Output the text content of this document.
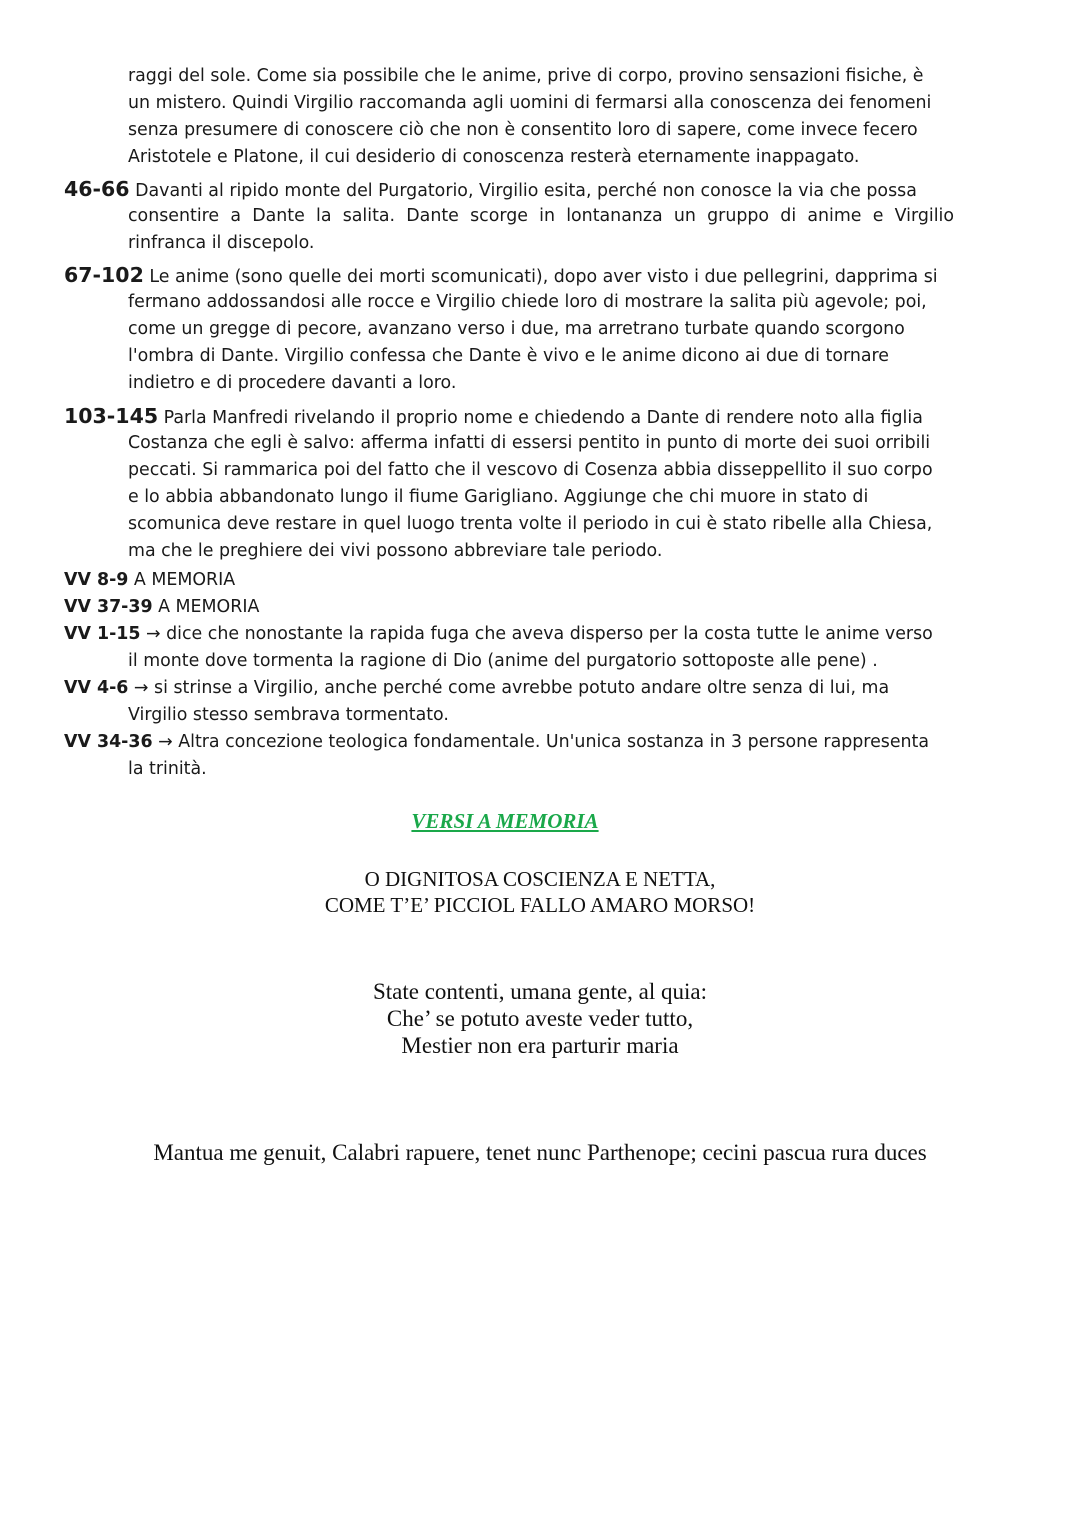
raggi del sole. Come sia possibile che le anime, prive di corpo, provino sensazioni fisiche, è
un mistero. Quindi Virgilio raccomanda agli uomini di fermarsi alla conoscenza dei fenomeni
senza presumere di conoscere ciò che non è consentito loro di sapere, come invece fecero
Aristotele e Platone, il cui desiderio di conoscenza resterà eternamente inappagato.
46-66 Davanti al ripido monte del Purgatorio, Virgilio esita, perché non conosce la via che possa
consentire a Dante la salita. Dante scorge in lontananza un gruppo di anime e Virgilio
rinfranca il discepolo.
67-102 Le anime (sono quelle dei morti scomunicati), dopo aver visto i due pellegrini, dapprima si
fermano addossandosi alle rocce e Virgilio chiede loro di mostrare la salita più agevole; poi,
come un gregge di pecore, avanzano verso i due, ma arretrano turbate quando scorgono
l'ombra di Dante. Virgilio confessa che Dante è vivo e le anime dicono ai due di tornare
indietro e di procedere davanti a loro.
103-145 Parla Manfredi rivelando il proprio nome e chiedendo a Dante di rendere noto alla figlia
Costanza che egli è salvo: afferma infatti di essersi pentito in punto di morte dei suoi orribili
peccati. Si rammarica poi del fatto che il vescovo di Cosenza abbia disseppellito il suo corpo
e lo abbia abbandonato lungo il fiume Garigliano. Aggiunge che chi muore in stato di
scomunica deve restare in quel luogo trenta volte il periodo in cui è stato ribelle alla Chiesa,
ma che le preghiere dei vivi possono abbreviare tale periodo.
VV 8-9 A MEMORIA
VV 37-39 A MEMORIA
VV 1-15 → dice che nonostante la rapida fuga che aveva disperso per la costa tutte le anime verso
il monte dove tormenta la ragione di Dio (anime del purgatorio sottoposte alle pene) .
VV 4-6 → si strinse a Virgilio, anche perché come avrebbe potuto andare oltre senza di lui, ma
Virgilio stesso sembrava tormentato.
VV 34-36 → Altra concezione teologica fondamentale. Un'unica sostanza in 3 persone rappresenta
la trinità.
VERSI A MEMORIA
O DIGNITOSA COSCIENZA E NETTA,
COME T’E’ PICCIOL FALLO AMARO MORSO!
State contenti, umana gente, al quia:
Che’ se potuto aveste veder tutto,
Mestier non era parturir maria
Mantua me genuit, Calabri rapuere, tenet nunc Parthenope; cecini pascua rura duces
